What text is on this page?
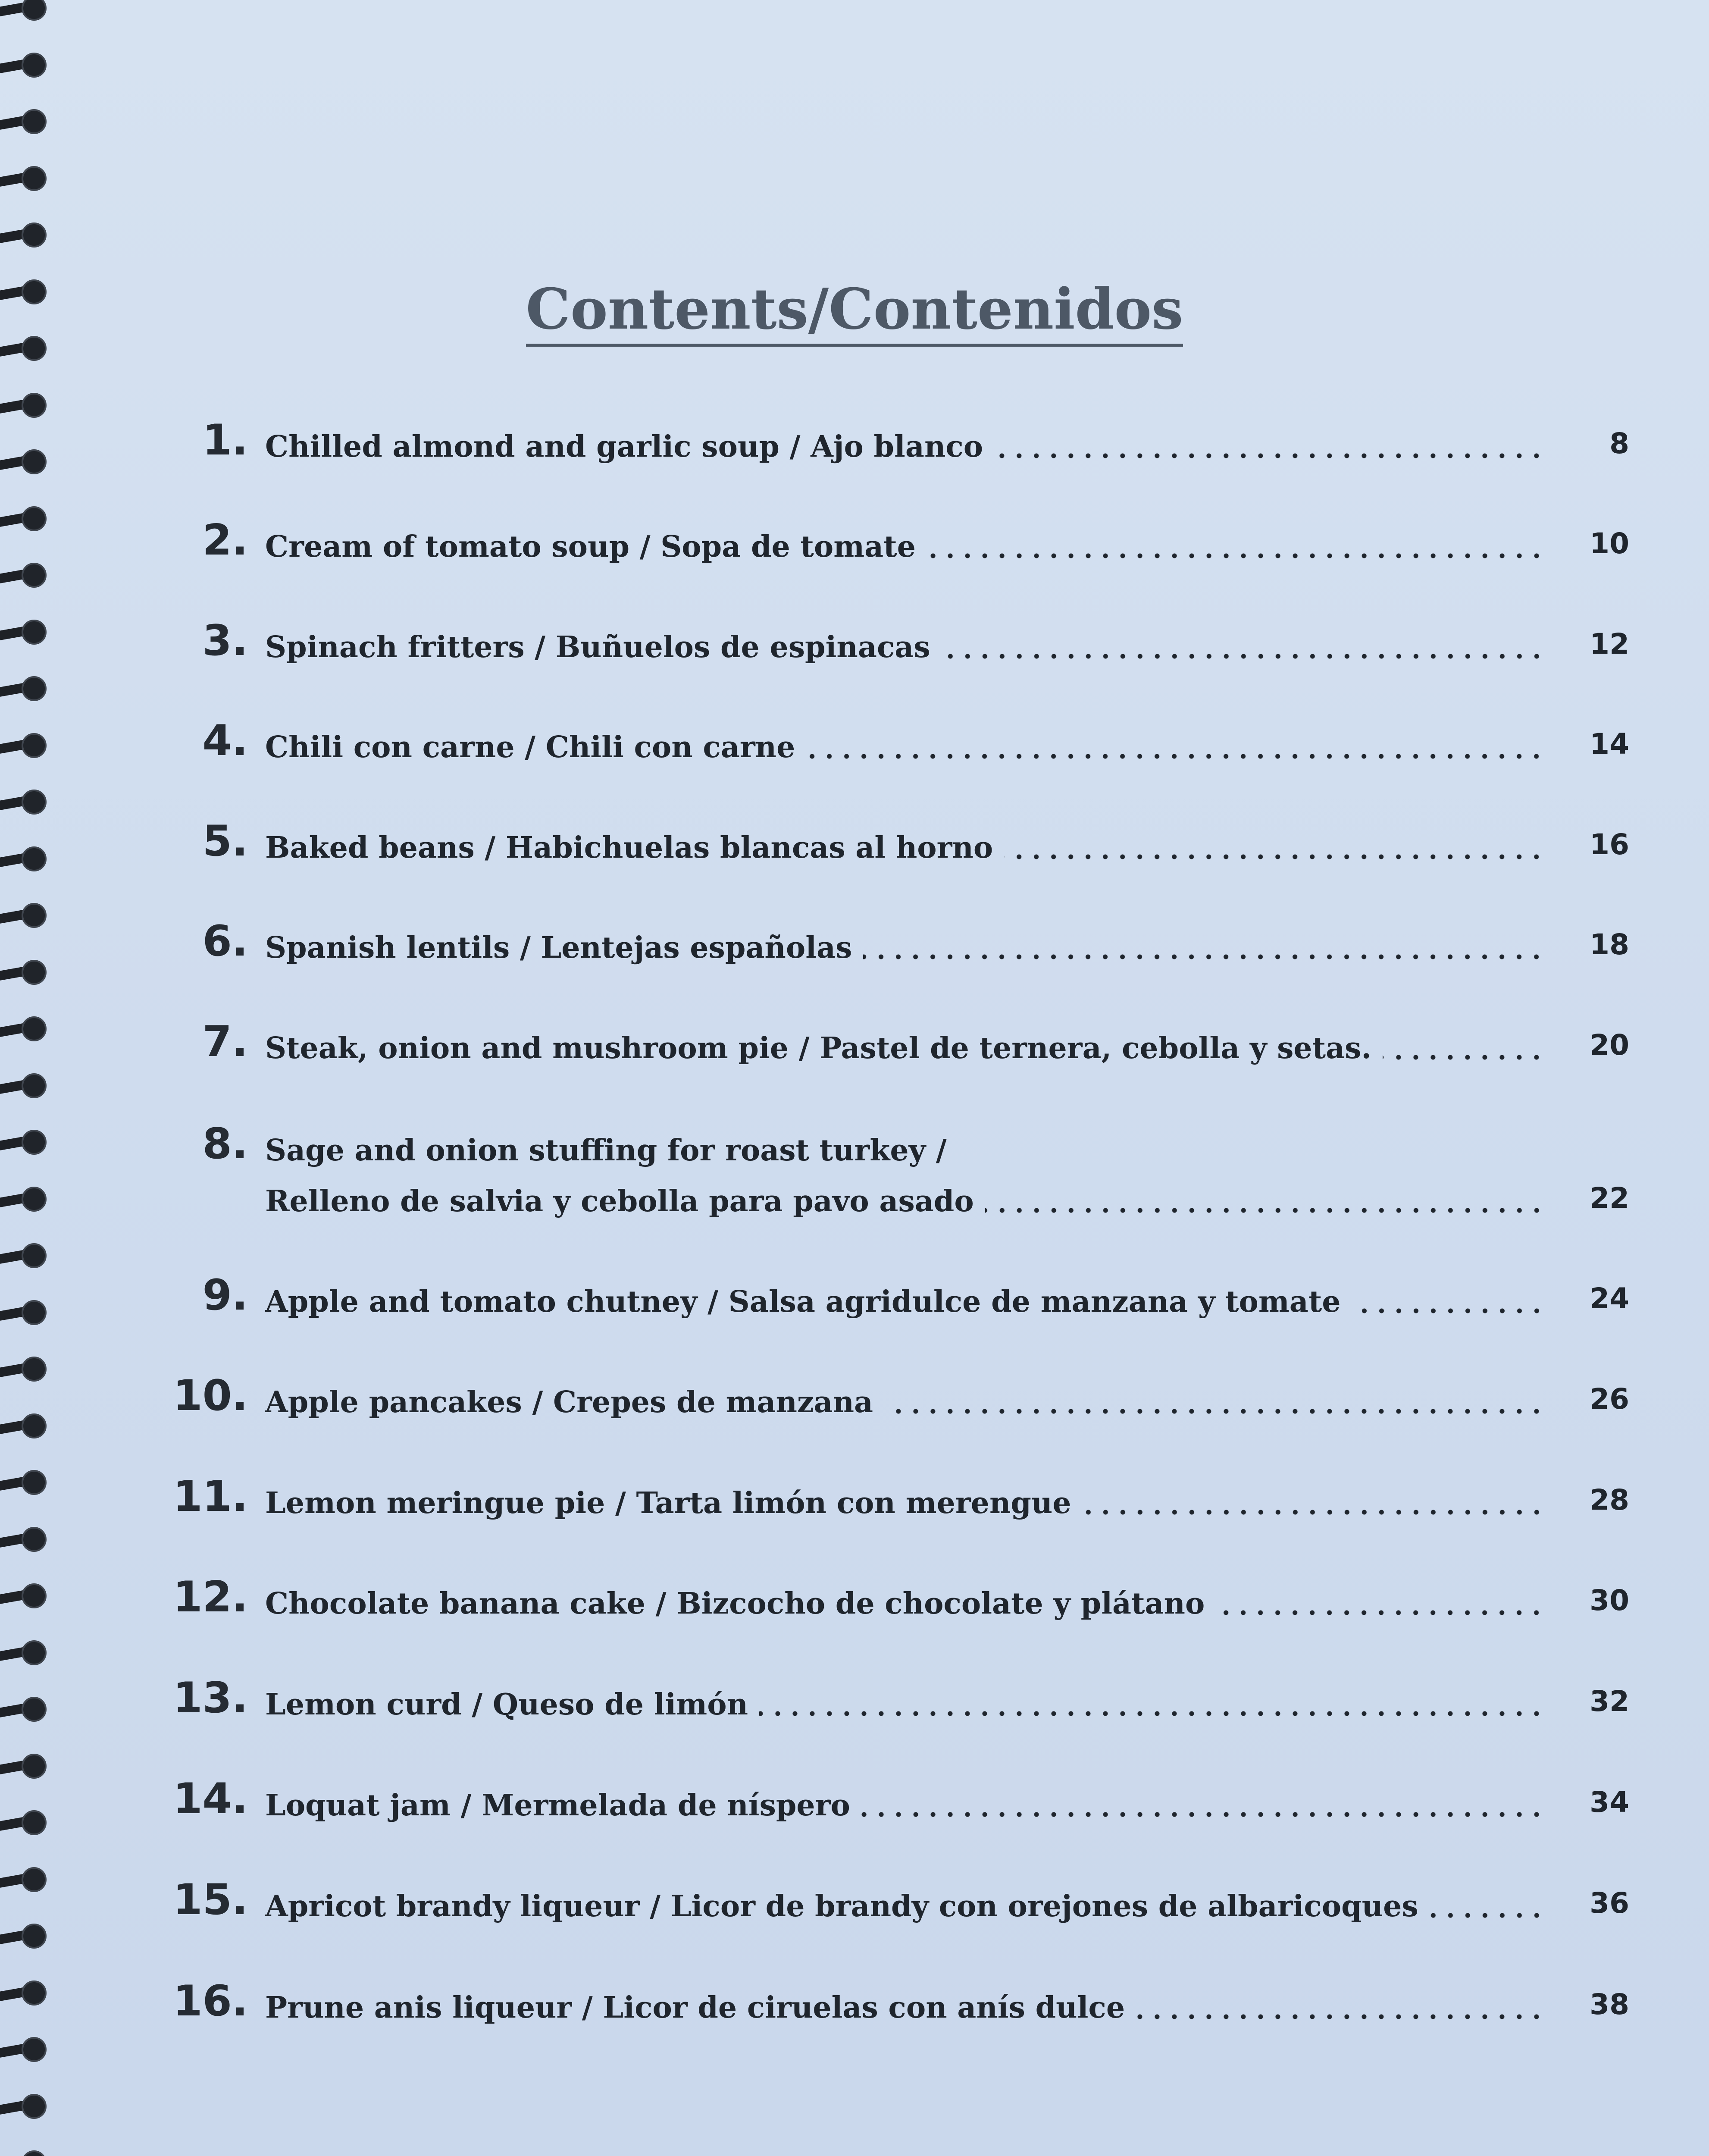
Contents/Contenidos
1. Chilled almond and garlic soup / Ajo blanco	8
2. Cream of tomato soup / Sopa de tomate	10
3. Spinach fritters / Buñuelos de espinacas	12
4. Chili con carne / Chili con carne	14
5. Baked beans / Habichuelas blancas al horno	16
6. Spanish lentils / Lentejas españolas	18
7. Steak, onion and mushroom pie / Pastel de ternera, cebolla y setas.	20
8. Sage and onion stuffing for roast turkey /
Relleno de salvia y cebolla para pavo asado	22
9. Apple and tomato chutney / Salsa agridulce de manzana y tomate	24
10. Apple pancakes / Crepes de manzana	26
11. Lemon meringue pie / Tarta limón con merengue	28
12. Chocolate banana cake / Bizcocho de chocolate y plátano	30
13. Lemon curd / Queso de limón	32
14. Loquat jam / Mermelada de níspero	34
15. Apricot brandy liqueur / Licor de brandy con orejones de albaricoques	36
16. Prune anis liqueur / Licor de ciruelas con anís dulce	38
